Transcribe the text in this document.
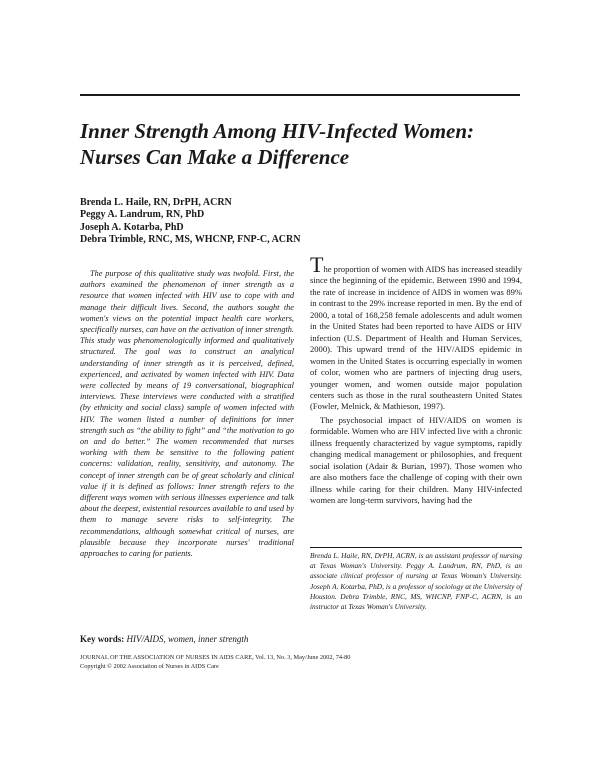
Inner Strength Among HIV-Infected Women:
Nurses Can Make a Difference
Brenda L. Haile, RN, DrPH, ACRN
Peggy A. Landrum, RN, PhD
Joseph A. Kotarba, PhD
Debra Trimble, RNC, MS, WHCNP, FNP-C, ACRN

The purpose of this qualitative study was twofold. First, the authors examined the phenomenon of inner strength as a resource that women infected with HIV use to cope with and manage their difficult lives. Second, the authors sought the women's views on the potential impact health care workers, specifically nurses, can have on the activation of inner strength. This study was phenomenologically informed and qualitatively structured. The goal was to construct an analytical understanding of inner strength as it is perceived, defined, experienced, and activated by women infected with HIV. Data were collected by means of 19 conversational, biographical interviews. These interviews were conducted with a stratified (by ethnicity and social class) sample of women infected with HIV. The women listed a number of definitions for inner strength such as “the ability to fight” and “the motivation to go on and do better.” The women recommended that nurses working with them be sensitive to the following patient concerns: validation, reality, sensitivity, and autonomy. The concept of inner strength can be of great scholarly and clinical value if it is defined as follows: Inner strength refers to the different ways women with serious illnesses experience and talk about the deepest, existential resources available to and used by them to manage severe risks to self-integrity. The recommendations, although somewhat critical of nurses, are plausible because they incorporate nurses' traditional approaches to caring for patients.

The proportion of women with AIDS has increased steadily since the beginning of the epidemic. Between 1990 and 1994, the rate of increase in incidence of AIDS in women was 89% in contrast to the 29% increase reported in men. By the end of 2000, a total of 168,258 female adolescents and adult women in the United States had been reported to have AIDS or HIV infection (U.S. Department of Health and Human Services, 2000). This upward trend of the HIV/AIDS epidemic in women in the United States is occurring especially in women of color, women who are partners of injecting drug users, younger women, and women outside major population centers such as those in the rural southeastern United States (Fowler, Melnick, & Mathieson, 1997).

The psychosocial impact of HIV/AIDS on women is formidable. Women who are HIV infected live with a chronic illness frequently characterized by vague symptoms, rapidly changing medical management or philosophies, and frequent social isolation (Adair & Burian, 1997). Those women who are also mothers face the challenge of coping with their own illness while caring for their children. Many HIV-infected women are long-term survivors, having had the

Brenda L. Haile, RN, DrPH, ACRN, is an assistant professor of nursing at Texas Woman's University. Peggy A. Landrum, RN, PhD, is an associate clinical professor of nursing at Texas Woman's University. Joseph A. Kotarba, PhD, is a professor of sociology at the University of Houston. Debra Trimble, RNC, MS, WHCNP, FNP-C, ACRN, is an instructor at Texas Woman's University.
Key words: HIV/AIDS, women, inner strength
JOURNAL OF THE ASSOCIATION OF NURSES IN AIDS CARE, Vol. 13, No. 3, May/June 2002, 74-80
Copyright © 2002 Association of Nurses in AIDS Care
